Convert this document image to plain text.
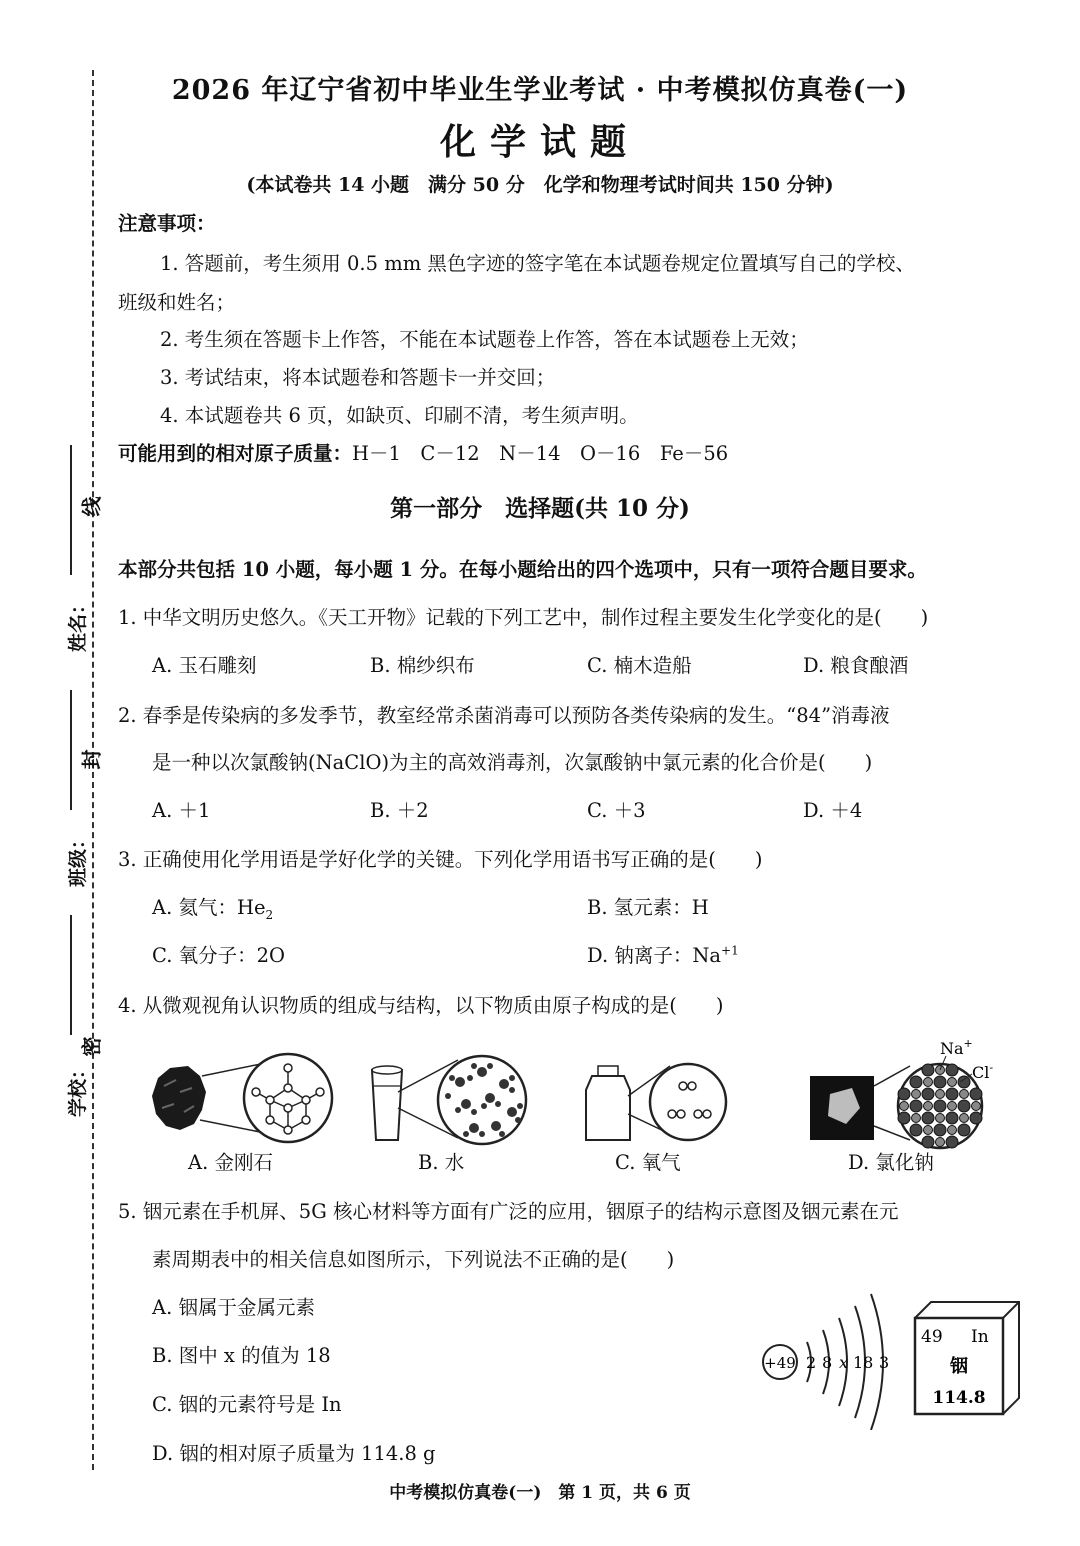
姓名：
班级：
学校：
线
封
密
2026 年辽宁省初中毕业生学业考试 · 中考模拟仿真卷(一)
化学试题
(本试卷共 14 小题　满分 50 分　化学和物理考试时间共 150 分钟)
注意事项：
1. 答题前，考生须用 0.5 mm 黑色字迹的签字笔在本试题卷规定位置填写自己的学校、
班级和姓名；
2. 考生须在答题卡上作答，不能在本试题卷上作答，答在本试题卷上无效；
3. 考试结束，将本试题卷和答题卡一并交回；
4. 本试题卷共 6 页，如缺页、印刷不清，考生须声明。
可能用到的相对原子质量：H－1　C－12　N－14　O－16　Fe－56
第一部分　选择题(共 10 分)
本部分共包括 10 小题，每小题 1 分。在每小题给出的四个选项中，只有一项符合题目要求。
1. 中华文明历史悠久。《天工开物》记载的下列工艺中，制作过程主要发生化学变化的是(　　)
A. 玉石雕刻	B. 棉纱织布	C. 楠木造船	D. 粮食酿酒
2. 春季是传染病的多发季节，教室经常杀菌消毒可以预防各类传染病的发生。“84”消毒液
是一种以次氯酸钠(NaClO)为主的高效消毒剂，次氯酸钠中氯元素的化合价是(　　)
A. ＋1	B. ＋2	C. ＋3	D. ＋4
3. 正确使用化学用语是学好化学的关键。下列化学用语书写正确的是(　　)
A. 氦气：$He_2$	B. 氢元素：H
C. 氧分子：2O	D. 钠离子：$Na^{+1}$
4. 从微观视角认识物质的组成与结构，以下物质由原子构成的是(　　)
Na+
Cl-
A. 金刚石	B. 水	C. 氧气	D. 氯化钠
5. 铟元素在手机屏、5G 核心材料等方面有广泛的应用，铟原子的结构示意图及铟元素在元
素周期表中的相关信息如图所示，下列说法不正确的是(　　)
A. 铟属于金属元素
B. 图中 x 的值为 18
C. 铟的元素符号是 In
D. 铟的相对原子质量为 114.8 g
+49 2 8 x 18 3
49 In
铟
114.8
中考模拟仿真卷(一)　第 1 页，共 6 页
